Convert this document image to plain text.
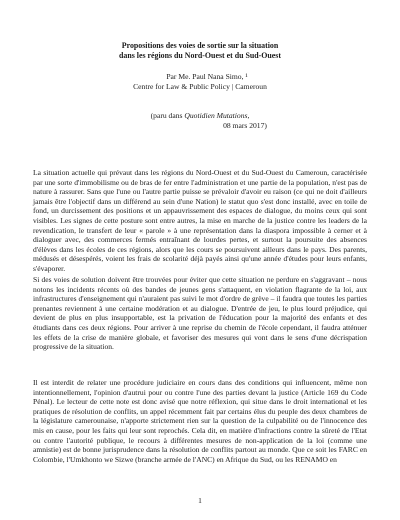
Propositions des voies de sortie sur la situation
dans les régions du Nord-Ouest et du Sud-Ouest
Par Me. Paul Nana Simo, ¹
Centre for Law & Public Policy | Cameroun
(paru dans Quotidien Mutations,
08 mars 2017)

La situation actuelle qui prévaut dans les régions du Nord-Ouest et du Sud-Ouest du Cameroun, caractérisée par une sorte d'immobilisme ou de bras de fer entre l'administration et une partie de la population, n'est pas de nature à rassurer. Sans que l'une ou l'autre partie puisse se prévaloir d'avoir eu raison (ce qui ne doit d'ailleurs jamais être l'objectif dans un différend au sein d'une Nation) le statut quo s'est donc installé, avec en toile de fond, un durcissement des positions et un appauvrissement des espaces de dialogue, du moins ceux qui sont visibles. Les signes de cette posture sont entre autres, la mise en marche de la justice contre les leaders de la revendication, le transfert de leur « parole » à une représentation dans la diaspora impossible à cerner et à dialoguer avec, des commerces fermés entraînant de lourdes pertes, et surtout la poursuite des absences d'élèves dans les écoles de ces régions, alors que les cours se poursuivent ailleurs dans le pays. Des parents, médusés et désespérés, voient les frais de scolarité déjà payés ainsi qu'une année d'études pour leurs enfants, s'évaporer.

Si des voies de solution doivent être trouvées pour éviter que cette situation ne perdure en s'aggravant – nous notons les incidents récents où des bandes de jeunes gens s'attaquent, en violation flagrante de la loi, aux infrastructures d'enseignement qui n'auraient pas suivi le mot d'ordre de grève – il faudra que toutes les parties prenantes reviennent à une certaine modération et au dialogue. D'entrée de jeu, le plus lourd préjudice, qui devient de plus en plus insupportable, est la privation de l'éducation pour la majorité des enfants et des étudiants dans ces deux régions. Pour arriver à une reprise du chemin de l'école cependant, il faudra atténuer les effets de la crise de manière globale, et favoriser des mesures qui vont dans le sens d'une décrispation progressive de la situation.

Il est interdit de relater une procédure judiciaire en cours dans des conditions qui influencent, même non intentionnellement, l'opinion d'autrui pour ou contre l'une des parties devant la justice (Article 169 du Code Pénal). Le lecteur de cette note est donc avisé que notre réflexion, qui situe dans le droit international et les pratiques de résolution de conflits, un appel récemment fait par certains élus du peuple des deux chambres de la législature camerounaise, n'apporte strictement rien sur la question de la culpabilité ou de l'innocence des mis en cause, pour les faits qui leur sont reprochés. Cela dit, en matière d'infractions contre la sûreté de l'Etat ou contre l'autorité publique, le recours à différentes mesures de non-application de la loi (comme une amnistie) est de bonne jurisprudence dans la résolution de conflits partout au monde. Que ce soit les FARC en Colombie, l'Umkhonto we Sizwe (branche armée de l'ANC) en Afrique du Sud, ou les RENAMO en

1
